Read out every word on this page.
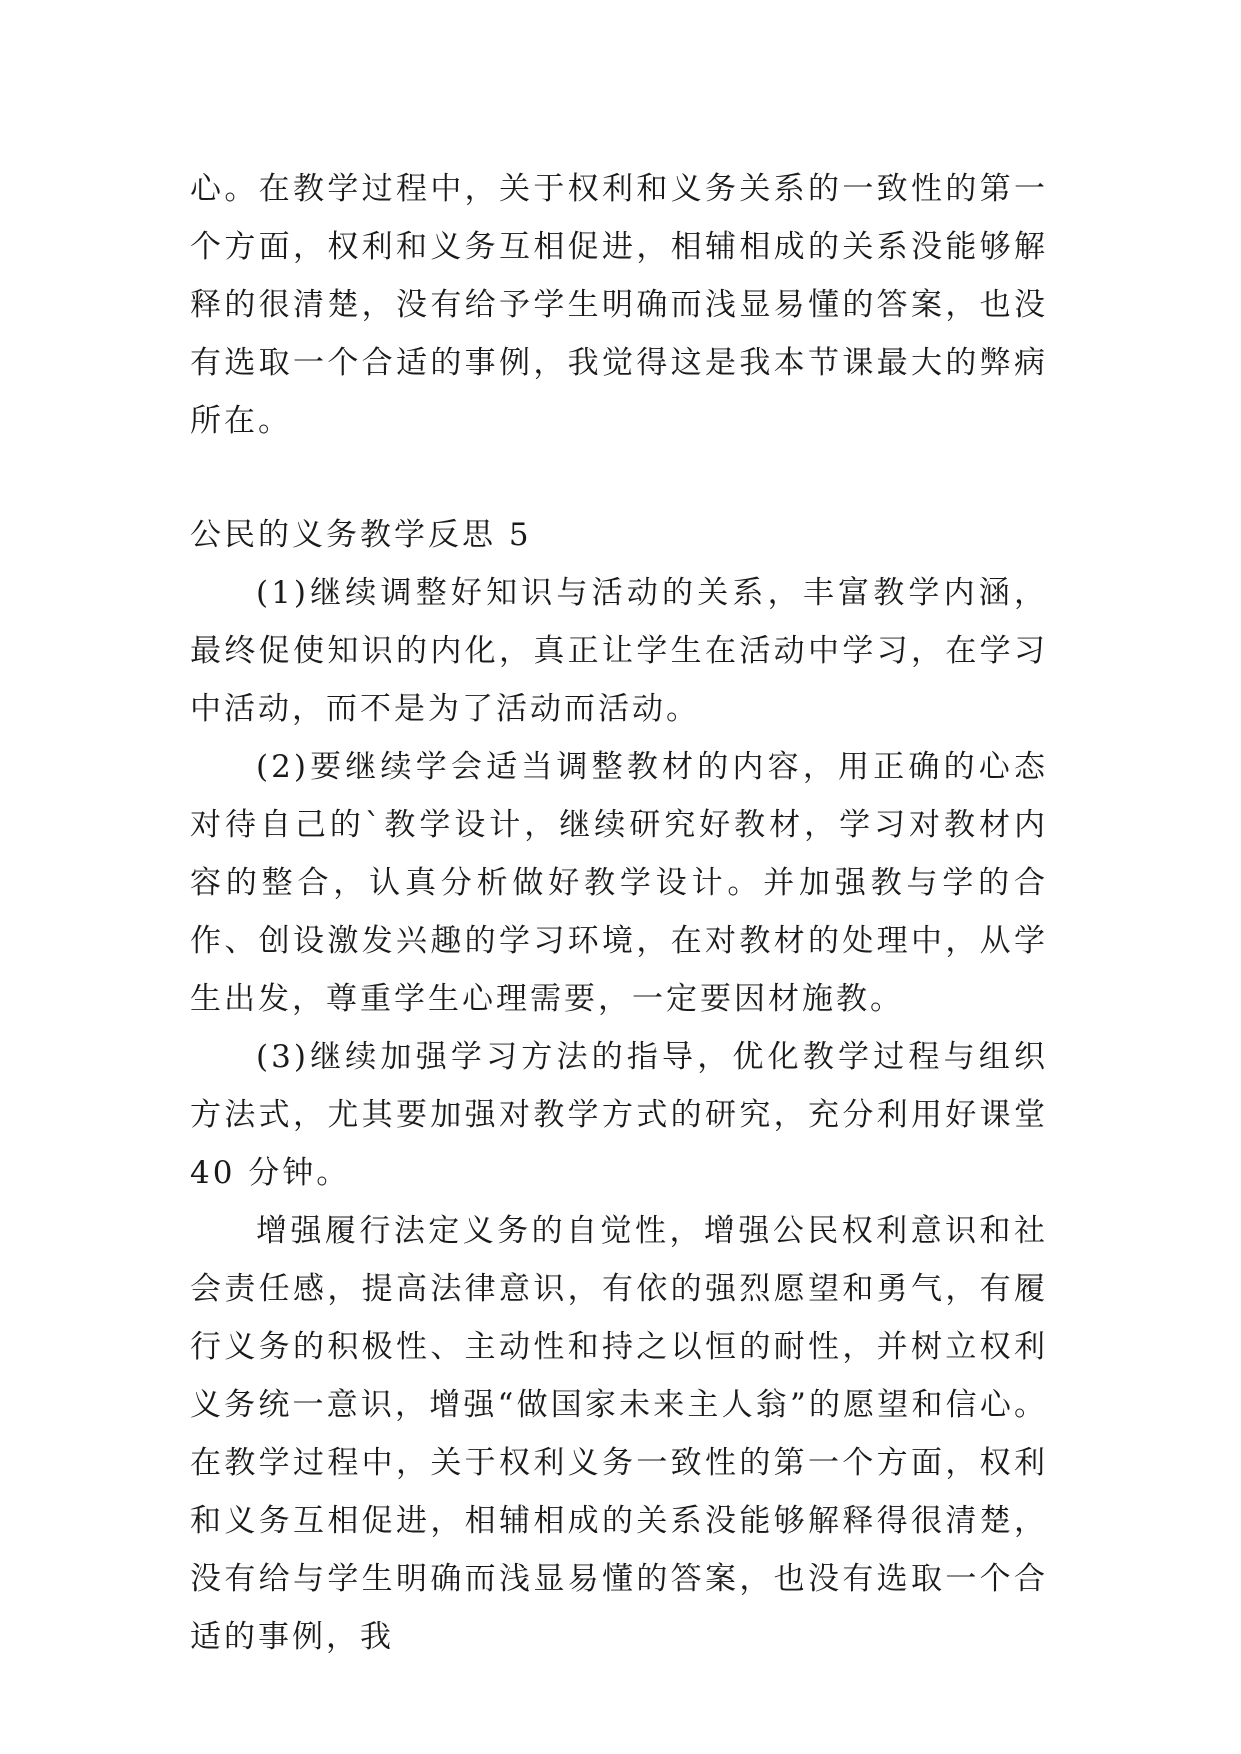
心。在教学过程中，关于权利和义务关系的一致性的第一个方面，权利和义务互相促进，相辅相成的关系没能够解释的很清楚，没有给予学生明确而浅显易懂的答案，也没有选取一个合适的事例，我觉得这是我本节课最大的弊病所在。

公民的义务教学反思 5

(1)继续调整好知识与活动的关系，丰富教学内涵，最终促使知识的内化，真正让学生在活动中学习，在学习中活动，而不是为了活动而活动。

(2)要继续学会适当调整教材的内容，用正确的心态对待自己的`教学设计，继续研究好教材，学习对教材内容的整合，认真分析做好教学设计。并加强教与学的合作、创设激发兴趣的学习环境，在对教材的处理中，从学生出发，尊重学生心理需要，一定要因材施教。

(3)继续加强学习方法的指导，优化教学过程与组织方法式，尤其要加强对教学方式的研究，充分利用好课堂 40 分钟。

增强履行法定义务的自觉性，增强公民权利意识和社会责任感，提高法律意识，有依的强烈愿望和勇气，有履行义务的积极性、主动性和持之以恒的耐性，并树立权利义务统一意识，增强“做国家未来主人翁”的愿望和信心。在教学过程中，关于权利义务一致性的第一个方面，权利和义务互相促进，相辅相成的关系没能够解释得很清楚，没有给与学生明确而浅显易懂的答案，也没有选取一个合适的事例，我
